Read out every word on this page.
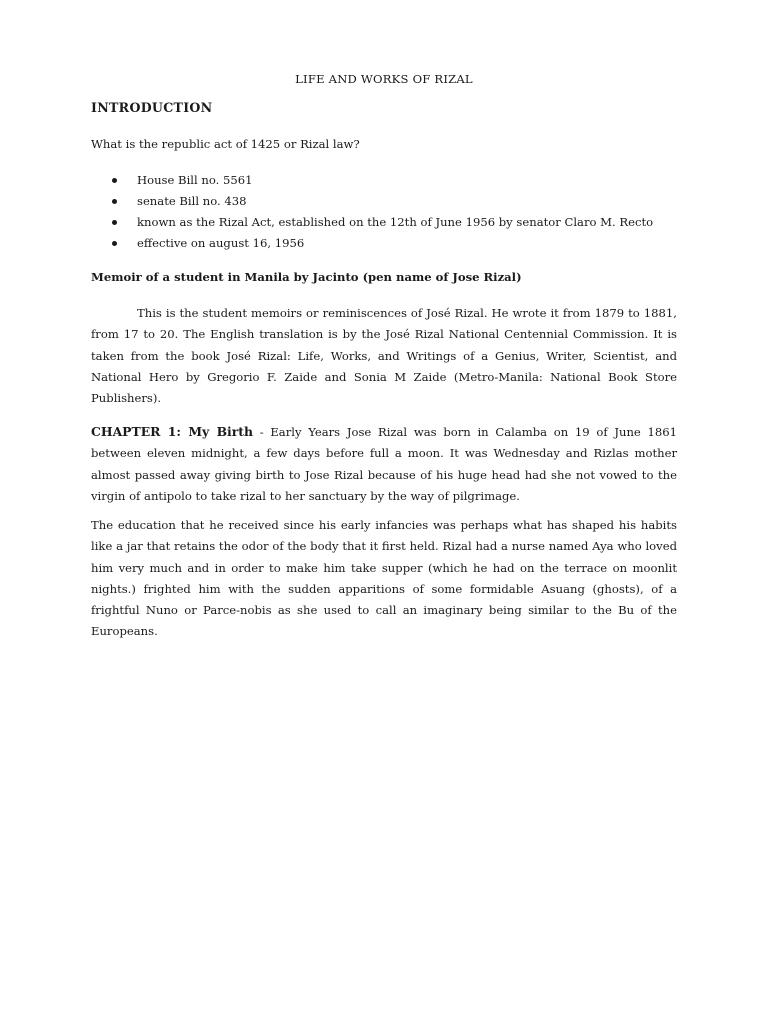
LIFE AND WORKS OF RIZAL
INTRODUCTION
What is the republic act of 1425 or Rizal law?
House Bill no. 5561
senate Bill no. 438
known as the Rizal Act, established on the 12th of June 1956 by senator Claro M. Recto
effective on august 16, 1956
Memoir of a student in Manila by Jacinto (pen name of Jose Rizal)

This is the student memoirs or reminiscences of José Rizal. He wrote it from 1879 to 1881, from 17 to 20. The English translation is by the José Rizal National Centennial Commission. It is taken from the book José Rizal: Life, Works, and Writings of a Genius, Writer, Scientist, and National Hero by Gregorio F. Zaide and Sonia M Zaide (Metro-Manila: National Book Store Publishers).

CHAPTER 1: My Birth - Early Years Jose Rizal was born in Calamba on 19 of June 1861 between eleven midnight, a few days before full a moon. It was Wednesday and Rizlas mother almost passed away giving birth to Jose Rizal because of his huge head had she not vowed to the virgin of antipolo to take rizal to her sanctuary by the way of pilgrimage.

The education that he received since his early infancies was perhaps what has shaped his habits like a jar that retains the odor of the body that it first held. Rizal had a nurse named Aya who loved him very much and in order to make him take supper (which he had on the terrace on moonlit nights.) frighted him with the sudden apparitions of some formidable Asuang (ghosts), of a frightful Nuno or Parce-nobis as she used to call an imaginary being similar to the Bu of the Europeans.
